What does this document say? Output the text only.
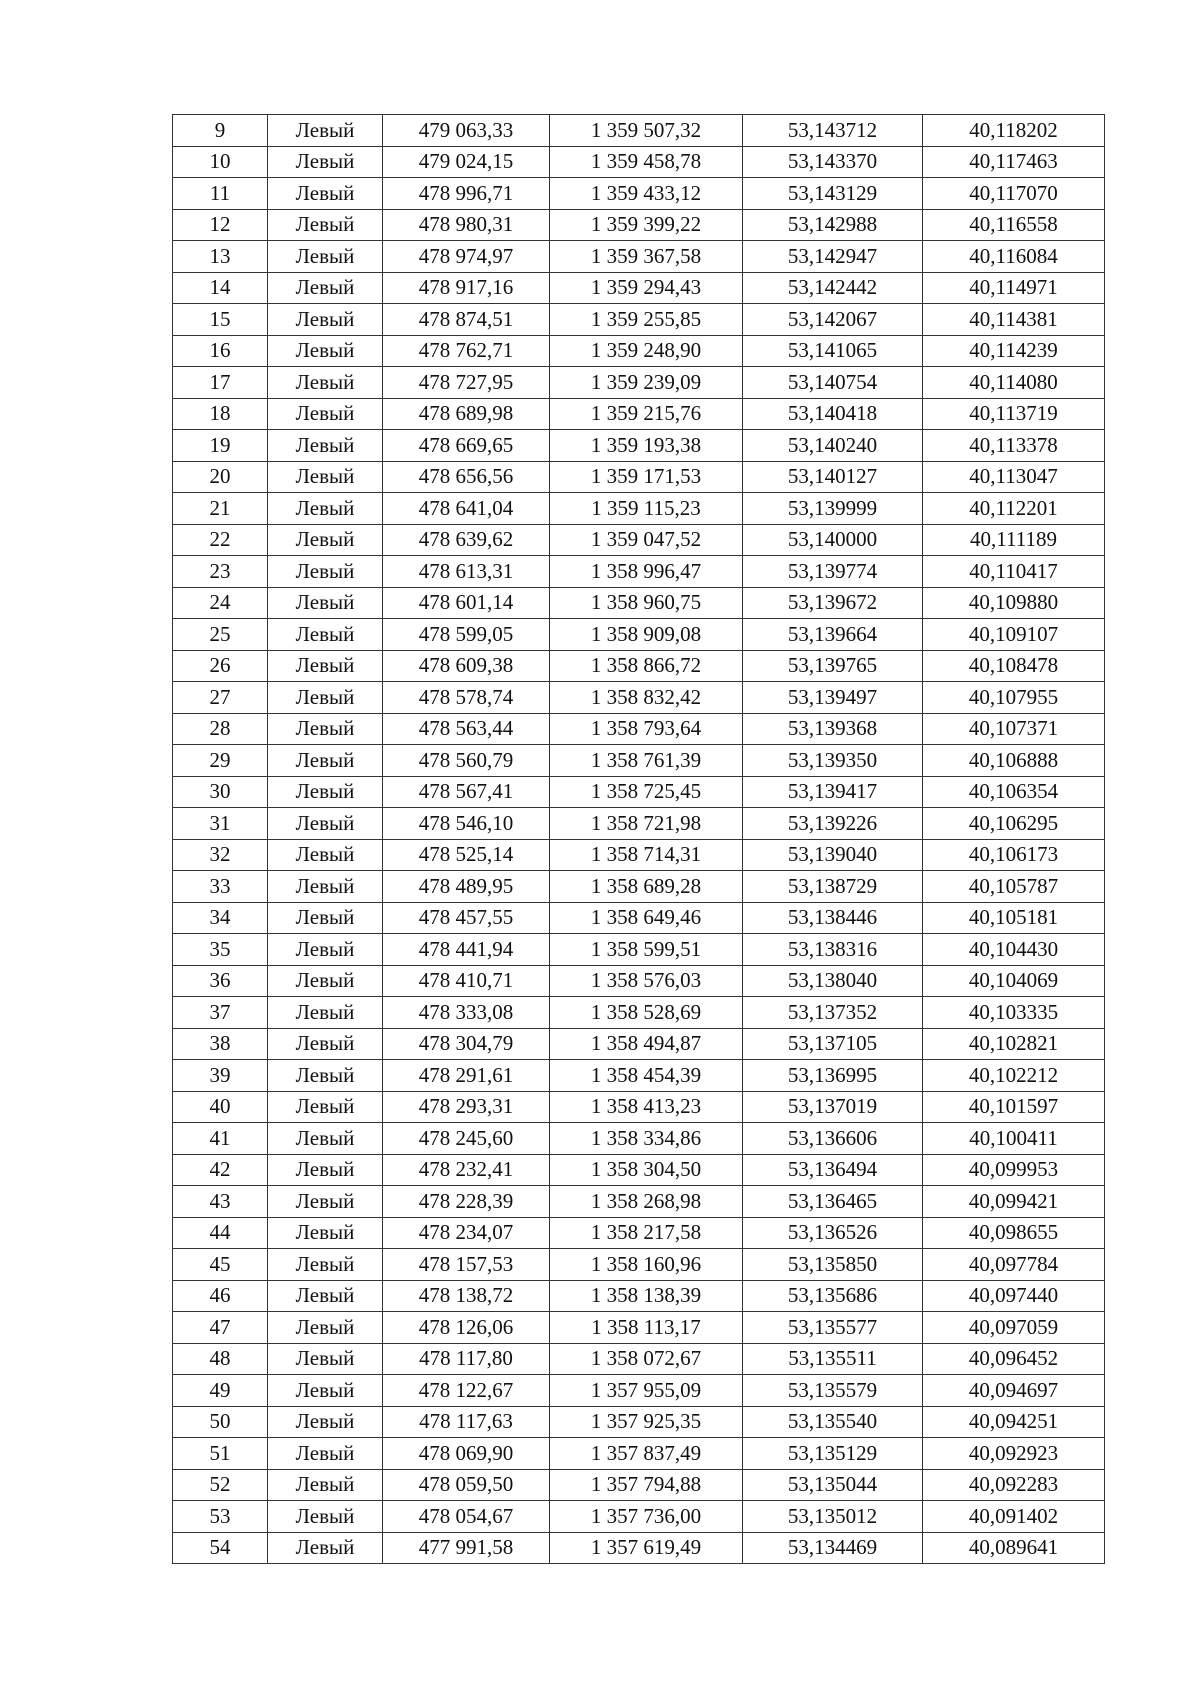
9	Левый	479 063,33	1 359 507,32	53,143712	40,118202
10	Левый	479 024,15	1 359 458,78	53,143370	40,117463
11	Левый	478 996,71	1 359 433,12	53,143129	40,117070
12	Левый	478 980,31	1 359 399,22	53,142988	40,116558
13	Левый	478 974,97	1 359 367,58	53,142947	40,116084
14	Левый	478 917,16	1 359 294,43	53,142442	40,114971
15	Левый	478 874,51	1 359 255,85	53,142067	40,114381
16	Левый	478 762,71	1 359 248,90	53,141065	40,114239
17	Левый	478 727,95	1 359 239,09	53,140754	40,114080
18	Левый	478 689,98	1 359 215,76	53,140418	40,113719
19	Левый	478 669,65	1 359 193,38	53,140240	40,113378
20	Левый	478 656,56	1 359 171,53	53,140127	40,113047
21	Левый	478 641,04	1 359 115,23	53,139999	40,112201
22	Левый	478 639,62	1 359 047,52	53,140000	40,111189
23	Левый	478 613,31	1 358 996,47	53,139774	40,110417
24	Левый	478 601,14	1 358 960,75	53,139672	40,109880
25	Левый	478 599,05	1 358 909,08	53,139664	40,109107
26	Левый	478 609,38	1 358 866,72	53,139765	40,108478
27	Левый	478 578,74	1 358 832,42	53,139497	40,107955
28	Левый	478 563,44	1 358 793,64	53,139368	40,107371
29	Левый	478 560,79	1 358 761,39	53,139350	40,106888
30	Левый	478 567,41	1 358 725,45	53,139417	40,106354
31	Левый	478 546,10	1 358 721,98	53,139226	40,106295
32	Левый	478 525,14	1 358 714,31	53,139040	40,106173
33	Левый	478 489,95	1 358 689,28	53,138729	40,105787
34	Левый	478 457,55	1 358 649,46	53,138446	40,105181
35	Левый	478 441,94	1 358 599,51	53,138316	40,104430
36	Левый	478 410,71	1 358 576,03	53,138040	40,104069
37	Левый	478 333,08	1 358 528,69	53,137352	40,103335
38	Левый	478 304,79	1 358 494,87	53,137105	40,102821
39	Левый	478 291,61	1 358 454,39	53,136995	40,102212
40	Левый	478 293,31	1 358 413,23	53,137019	40,101597
41	Левый	478 245,60	1 358 334,86	53,136606	40,100411
42	Левый	478 232,41	1 358 304,50	53,136494	40,099953
43	Левый	478 228,39	1 358 268,98	53,136465	40,099421
44	Левый	478 234,07	1 358 217,58	53,136526	40,098655
45	Левый	478 157,53	1 358 160,96	53,135850	40,097784
46	Левый	478 138,72	1 358 138,39	53,135686	40,097440
47	Левый	478 126,06	1 358 113,17	53,135577	40,097059
48	Левый	478 117,80	1 358 072,67	53,135511	40,096452
49	Левый	478 122,67	1 357 955,09	53,135579	40,094697
50	Левый	478 117,63	1 357 925,35	53,135540	40,094251
51	Левый	478 069,90	1 357 837,49	53,135129	40,092923
52	Левый	478 059,50	1 357 794,88	53,135044	40,092283
53	Левый	478 054,67	1 357 736,00	53,135012	40,091402
54	Левый	477 991,58	1 357 619,49	53,134469	40,089641
